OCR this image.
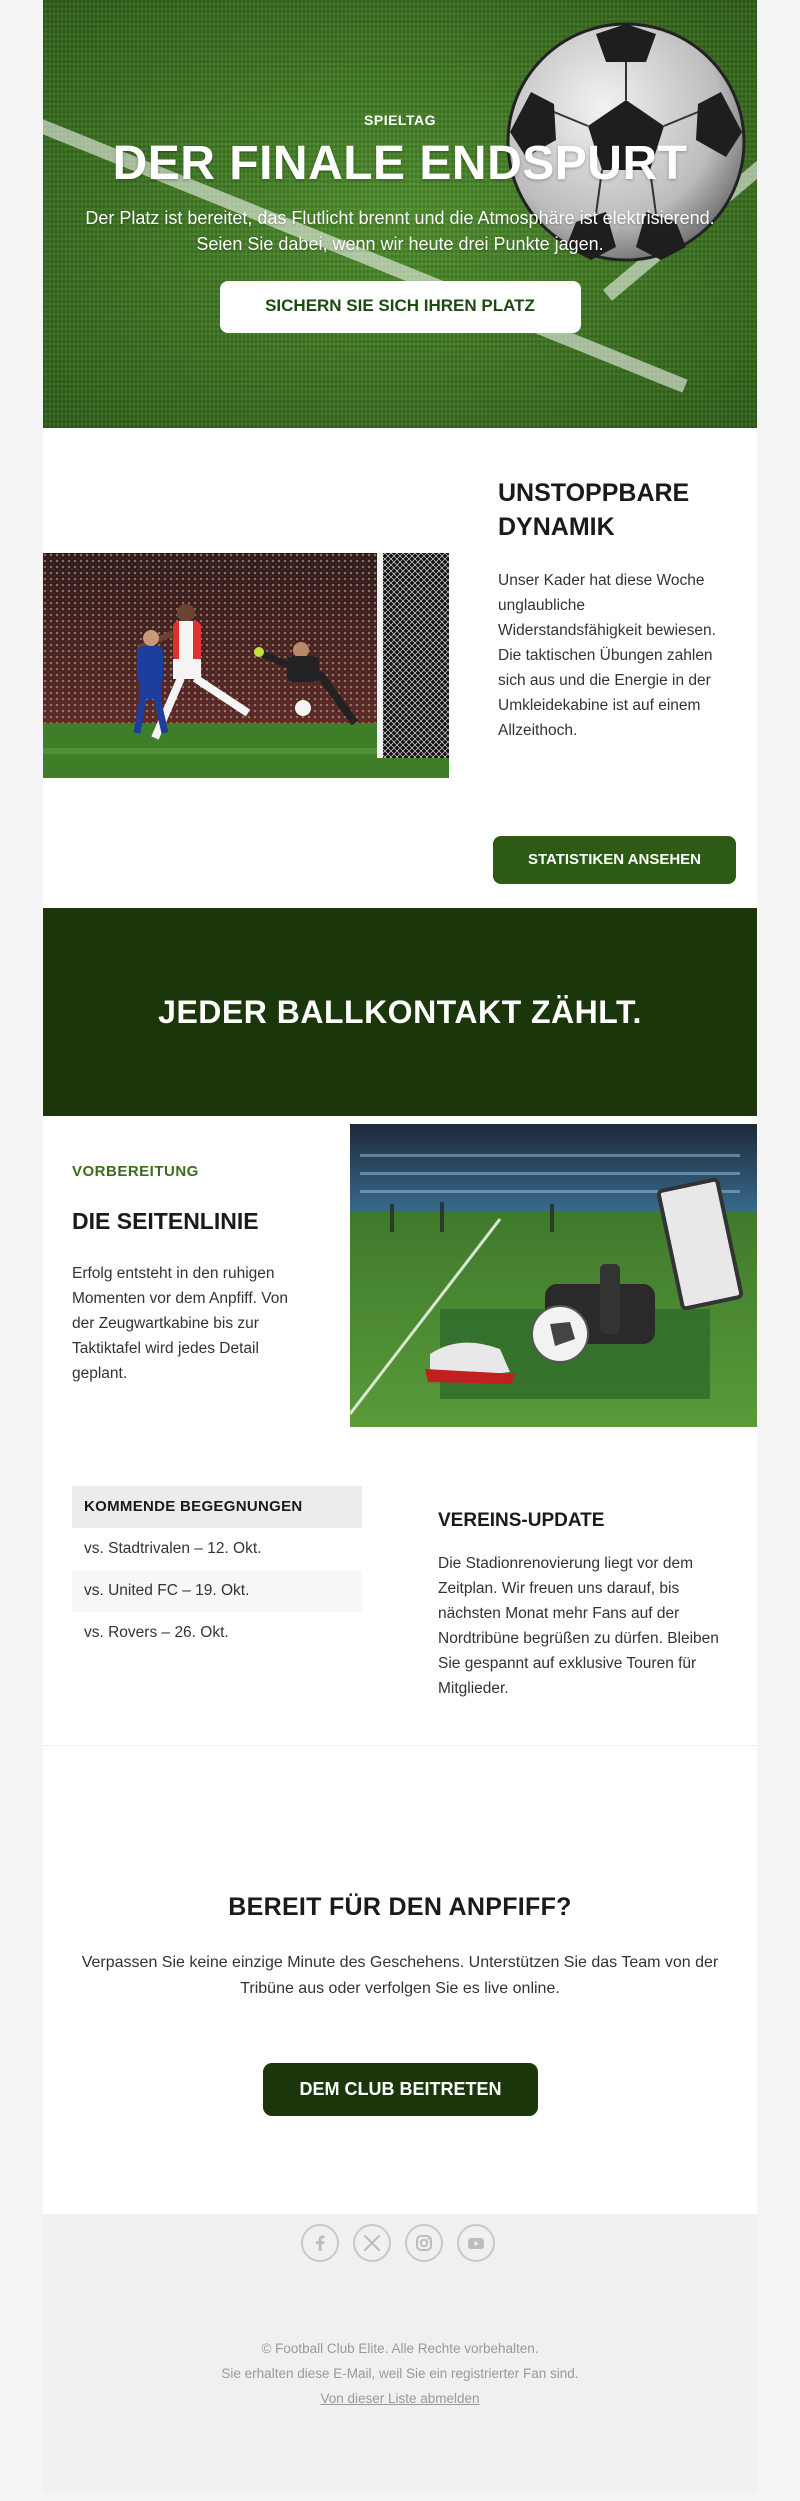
SPIELTAG
DER FINALE ENDSPURT
Der Platz ist bereitet, das Flutlicht brennt und die Atmosphäre ist elektrisierend. Seien Sie dabei, wenn wir heute drei Punkte jagen.
SICHERN SIE SICH IHREN PLATZ
UNSTOPPBARE DYNAMIK
Unser Kader hat diese Woche unglaubliche Widerstandsfähigkeit bewiesen. Die taktischen Übungen zahlen sich aus und die Energie in der Umkleidekabine ist auf einem Allzeithoch.
STATISTIKEN ANSEHEN
JEDER BALLKONTAKT ZÄHLT.
VORBEREITUNG
DIE SEITENLINIE
Erfolg entsteht in den ruhigen Momenten vor dem Anpfiff. Von der Zeugwartkabine bis zur Taktiktafel wird jedes Detail geplant.
KOMMENDE BEGEGNUNGEN
vs. Stadtrivalen – 12. Okt.
vs. United FC – 19. Okt.
vs. Rovers – 26. Okt.
VEREINS-UPDATE
Die Stadionrenovierung liegt vor dem Zeitplan. Wir freuen uns darauf, bis nächsten Monat mehr Fans auf der Nordtribüne begrüßen zu dürfen. Bleiben Sie gespannt auf exklusive Touren für Mitglieder.
BEREIT FÜR DEN ANPFIFF?
Verpassen Sie keine einzige Minute des Geschehens. Unterstützen Sie das Team von der Tribüne aus oder verfolgen Sie es live online.
DEM CLUB BEITRETEN
© Football Club Elite. Alle Rechte vorbehalten.
Sie erhalten diese E-Mail, weil Sie ein registrierter Fan sind.
Von dieser Liste abmelden
